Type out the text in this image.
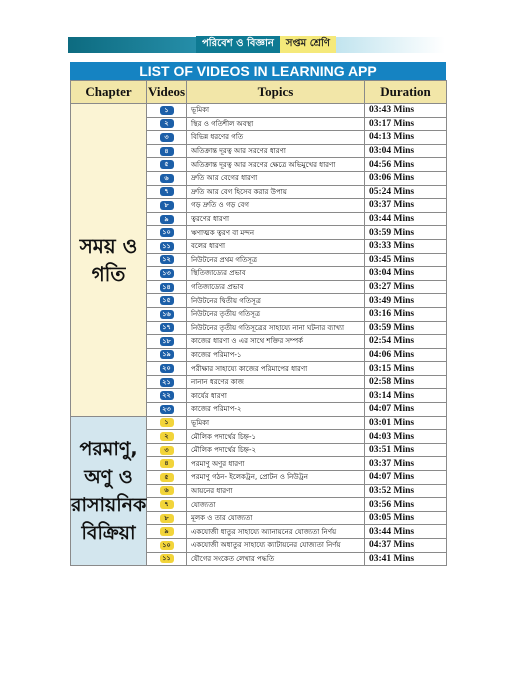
পরিবেশ ও বিজ্ঞান	সপ্তম শ্রেণি
LIST OF VIDEOS IN LEARNING APP
Chapter	Videos	Topics	Duration

সময় ও
গতি	১	ভূমিকা	03:43 Mins
	২	স্থির ও গতিশীল অবস্থা	03:17 Mins
	৩	বিভিন্ন ধরণের গতি	04:13 Mins
	৪	অতিক্রান্ত দূরত্ব আর সরণের ধারণা	03:04 Mins
	৫	অতিক্রান্ত দূরত্ব আর সরণের ক্ষেত্রে অভিমুখের ধারণা	04:56 Mins
	৬	দ্রুতি আর বেগের ধারণা	03:06 Mins
	৭	দ্রুতি আর বেগ হিসেব করার উপায়	05:24 Mins
	৮	গড় দ্রুতি ও গড় বেগ	03:37 Mins
	৯	ত্বরণের ধারণা	03:44 Mins
	১০	ঋণাত্মক ত্বরণ বা মন্দন	03:59 Mins
	১১	বলের ধারণা	03:33 Mins
	১২	নিউটনের প্রথম গতিসূত্র	03:45 Mins
	১৩	স্থিতিজাড্যের প্রভাব	03:04 Mins
	১৪	গতিজাড্যের প্রভাব	03:27 Mins
	১৫	নিউটনের দ্বিতীয় গতিসূত্র	03:49 Mins
	১৬	নিউটনের তৃতীয় গতিসূত্র	03:16 Mins
	১৭	নিউটনের তৃতীয় গতিসূত্রের সাহায্যে নানা ঘটনার ব্যাখ্যা	03:59 Mins
	১৮	কাজের ধারণা ও এর সাথে শক্তির সম্পর্ক	02:54 Mins
	১৯	কাজের পরিমাপ-১	04:06 Mins
	২০	পরীক্ষার সাহায্যে কাজের পরিমাপের ধারণা	03:15 Mins
	২১	নানান ধরণের কাজ	02:58 Mins
	২২	কার্যের ধারণা	03:14 Mins
	২৩	কাজের পরিমাপ-২	04:07 Mins

পরমাণু,
অণু ও
রাসায়নিক
বিক্রিয়া	১	ভূমিকা	03:01 Mins
	২	মৌলিক পদার্থের চিহ্ন-১	04:03 Mins
	৩	মৌলিক পদার্থের চিহ্ন-২	03:51 Mins
	৪	পরমাণু অণুর ধারণা	03:37 Mins
	৫	পরমাণু গঠন- ইলেকট্রন, প্রোটন ও নিউট্রন	04:07 Mins
	৬	আয়নের ধারণা	03:52 Mins
	৭	যোজ্যতা	03:56 Mins
	৮	মূলক ও তার যোজ্যতা	03:05 Mins
	৯	একযোজী ধাতুর সাহায্যে অ্যানায়নের যোজ্যতা নির্ণয়	03:44 Mins
	১০	একযোজী অধাতুর সাহায্যে ক্যাটায়নের যোজ্যতা নির্ণয়	04:37 Mins
	১১	যৌগের সংকেত লেখার পদ্ধতি	03:41 Mins
